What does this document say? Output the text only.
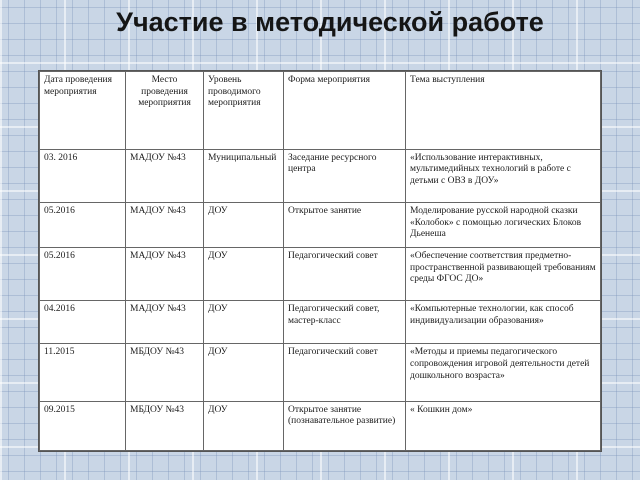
Участие в методической работе
Дата проведения мероприятия	Место проведения мероприятия	Уровень проводимого мероприятия	Форма мероприятия	Тема выступления
03. 2016	МАДОУ №43	Муниципальный	Заседание ресурсного центра	«Использование интерактивных, мультимедийных технологий в работе с детьми с ОВЗ в ДОУ»
05.2016	МАДОУ №43	ДОУ	Открытое занятие	Моделирование русской народной сказки «Колобок» с помощью логических Блоков Дьенеша
05.2016	МАДОУ №43	ДОУ	Педагогический совет	«Обеспечение соответствия предметно-пространственной развивающей требованиям среды ФГОС ДО»
04.2016	МАДОУ №43	ДОУ	Педагогический совет, мастер-класс	«Компьютерные технологии, как способ индивидуализации образования»
11.2015	МБДОУ №43	ДОУ	Педагогический совет	«Методы и приемы педагогического сопровождения игровой деятельности детей дошкольного возраста»
09.2015	МБДОУ №43	ДОУ	Открытое занятие (познавательное развитие)	« Кошкин дом»
